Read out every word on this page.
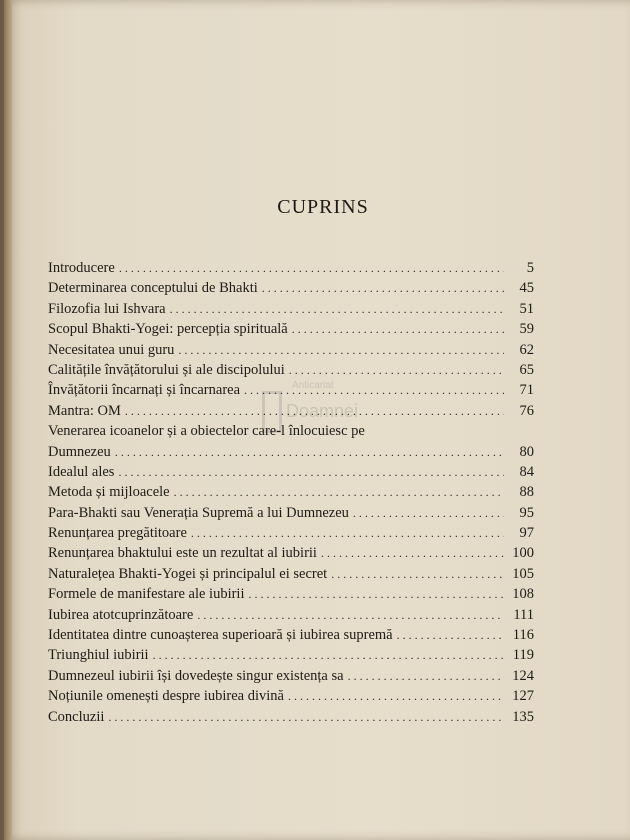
CUPRINS
Anticariat
Doamnei
Introducere . . .	5
Determinarea conceptului de Bhakti . . .	45
Filozofia lui Ishvara . . .	51
Scopul Bhakti-Yogei: percepția spirituală . . .	59
Necesitatea unui guru . . .	62
Calitățile învățătorului și ale discipolului . . .	65
Învățătorii încarnați și încarnarea . . .	71
Mantra: OM . . .	76
Venerarea icoanelor și a obiectelor care-l înlocuiesc pe
Dumnezeu . . .	80
Idealul ales . . .	84
Metoda și mijloacele . . .	88
Para-Bhakti sau Venerația Supremă a lui Dumnezeu . . .	95
Renunțarea pregătitoare . . .	97
Renunțarea bhaktului este un rezultat al iubirii . . .	100
Naturalețea Bhakti-Yogei și principalul ei secret . . .	105
Formele de manifestare ale iubirii . . .	108
Iubirea atotcuprinzătoare . . .	111
Identitatea dintre cunoașterea superioară și iubirea supremă . . .	116
Triunghiul iubirii . . .	119
Dumnezeul iubirii își dovedește singur existența sa . . .	124
Noțiunile omenești despre iubirea divină . . .	127
Concluzii . . .	135
